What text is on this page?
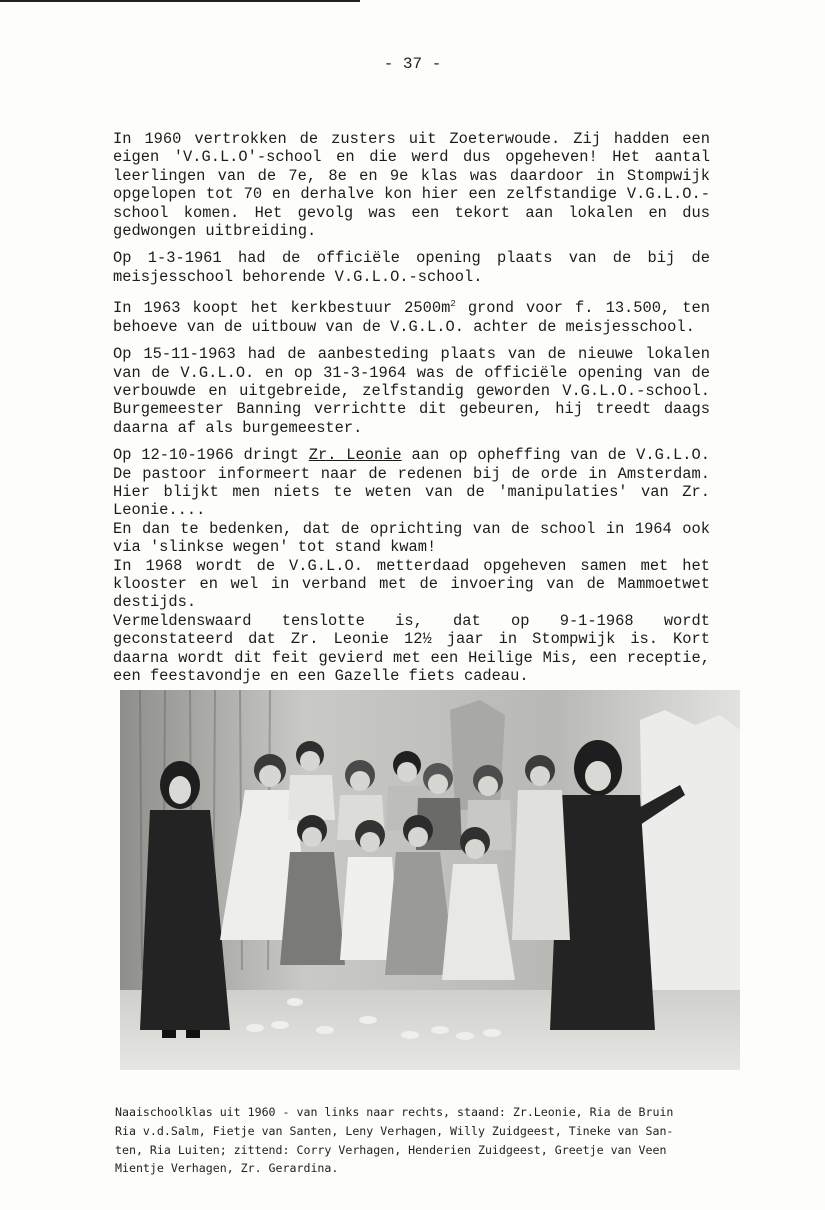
- 37 -

In 1960 vertrokken de zusters uit Zoeterwoude. Zij hadden een eigen 'V.G.L.O'-school en die werd dus opgeheven! Het aantal leerlingen van de 7e, 8e en 9e klas was daardoor in Stompwijk opgelopen tot 70 en derhalve kon hier een zelfstandige V.G.L.O.-school komen. Het gevolg was een tekort aan lokalen en dus gedwongen uitbreiding.

Op 1-3-1961 had de officiële opening plaats van de bij de meisjesschool behorende V.G.L.O.-school.

In 1963 koopt het kerkbestuur $2500m^2$ grond voor f. 13.500, ten behoeve van de uitbouw van de V.G.L.O. achter de meisjesschool.

Op 15-11-1963 had de aanbesteding plaats van de nieuwe lokalen van de V.G.L.O. en op 31-3-1964 was de officiële opening van de verbouwde en uitgebreide, zelfstandig geworden V.G.L.O.-school. Burgemeester Banning verrichtte dit gebeuren, hij treedt daags daarna af als burgemeester.

Op 12-10-1966 dringt Zr. Leonie aan op opheffing van de V.G.L.O. De pastoor informeert naar de redenen bij de orde in Amsterdam. Hier blijkt men niets te weten van de 'manipulaties' van Zr. Leonie....

En dan te bedenken, dat de oprichting van de school in 1964 ook via 'slinkse wegen' tot stand kwam!

In 1968 wordt de V.G.L.O. metterdaad opgeheven samen met het klooster en wel in verband met de invoering van de Mammoetwet destijds.

Vermeldenswaard tenslotte is, dat op 9-1-1968 wordt geconstateerd dat Zr. Leonie 12½ jaar in Stompwijk is. Kort daarna wordt dit feit gevierd met een Heilige Mis, een receptie, een feestavondje en een Gazelle fiets cadeau.

Naaischoolklas uit 1960 - van links naar rechts, staand: Zr.Leonie, Ria de Bruin
Ria v.d.Salm, Fietje van Santen, Leny Verhagen, Willy Zuidgeest, Tineke van San-
ten, Ria Luiten; zittend: Corry Verhagen, Henderien Zuidgeest, Greetje van Veen
Mientje Verhagen, Zr. Gerardina.
